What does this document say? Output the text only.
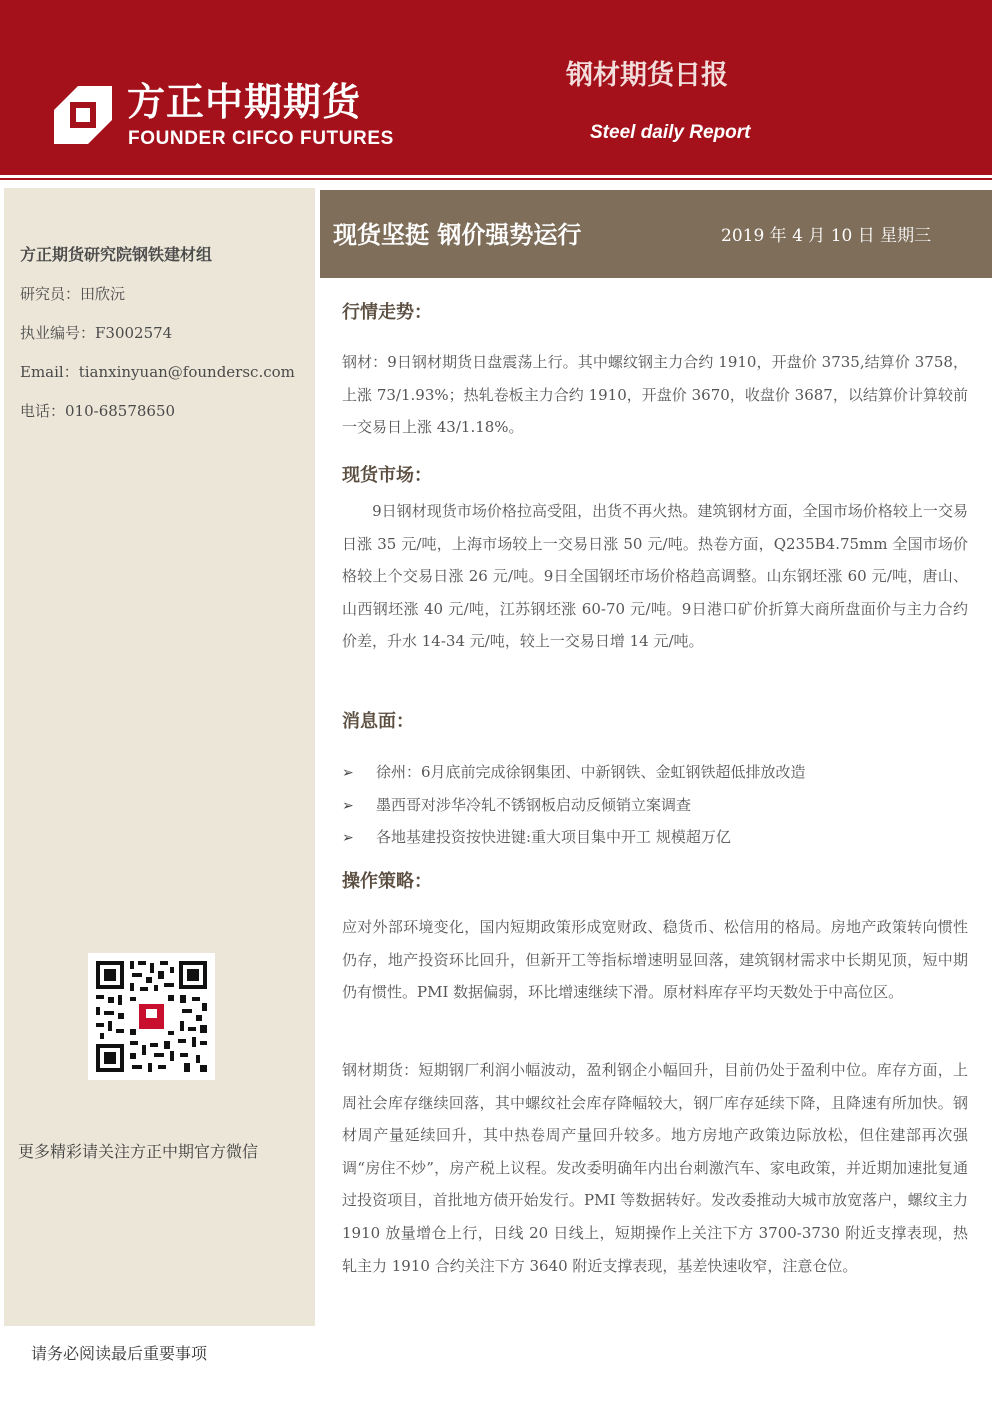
方正中期期货
FOUNDER CIFCO FUTURES
钢材期货日报
Steel daily Report
方正期货研究院钢铁建材组
研究员：田欣沅
执业编号：F3002574
Email：tianxinyuan@foundersc.com
电话：010-68578650
更多精彩请关注方正中期官方微信
请务必阅读最后重要事项
现货坚挺 钢价强势运行	2019 年 4 月 10 日 星期三
行情走势：

钢材：9日钢材期货日盘震荡上行。其中螺纹钢主力合约 1910，开盘价 3735,结算价 3758，上涨 73/1.93%；热轧卷板主力合约 1910，开盘价 3670，收盘价 3687，以结算价计算较前一交易日上涨 43/1.18%。

现货市场：

　　9日钢材现货市场价格拉高受阻，出货不再火热。建筑钢材方面，全国市场价格较上一交易日涨 35 元/吨，上海市场较上一交易日涨 50 元/吨。热卷方面，Q235B4.75mm 全国市场价格较上个交易日涨 26 元/吨。9日全国钢坯市场价格趋高调整。山东钢坯涨 60 元/吨，唐山、山西钢坯涨 40 元/吨，江苏钢坯涨 60-70 元/吨。9日港口矿价折算大商所盘面价与主力合约价差，升水 14-34 元/吨，较上一交易日增 14 元/吨。

消息面：
➢ 徐州：6月底前完成徐钢集团、中新钢铁、金虹钢铁超低排放改造
➢ 墨西哥对涉华冷轧不锈钢板启动反倾销立案调查
➢ 各地基建投资按快进键:重大项目集中开工 规模超万亿
操作策略：

应对外部环境变化，国内短期政策形成宽财政、稳货币、松信用的格局。房地产政策转向惯性仍存，地产投资环比回升，但新开工等指标增速明显回落，建筑钢材需求中长期见顶，短中期仍有惯性。PMI 数据偏弱，环比增速继续下滑。原材料库存平均天数处于中高位区。

钢材期货：短期钢厂利润小幅波动，盈利钢企小幅回升，目前仍处于盈利中位。库存方面，上周社会库存继续回落，其中螺纹社会库存降幅较大，钢厂库存延续下降，且降速有所加快。钢材周产量延续回升，其中热卷周产量回升较多。地方房地产政策边际放松，但住建部再次强调“房住不炒”，房产税上议程。发改委明确年内出台刺激汽车、家电政策，并近期加速批复通过投资项目，首批地方债开始发行。PMI 等数据转好。发改委推动大城市放宽落户，螺纹主力 1910 放量增仓上行，日线 20 日线上，短期操作上关注下方 3700-3730 附近支撑表现，热轧主力 1910 合约关注下方 3640 附近支撑表现，基差快速收窄，注意仓位。
